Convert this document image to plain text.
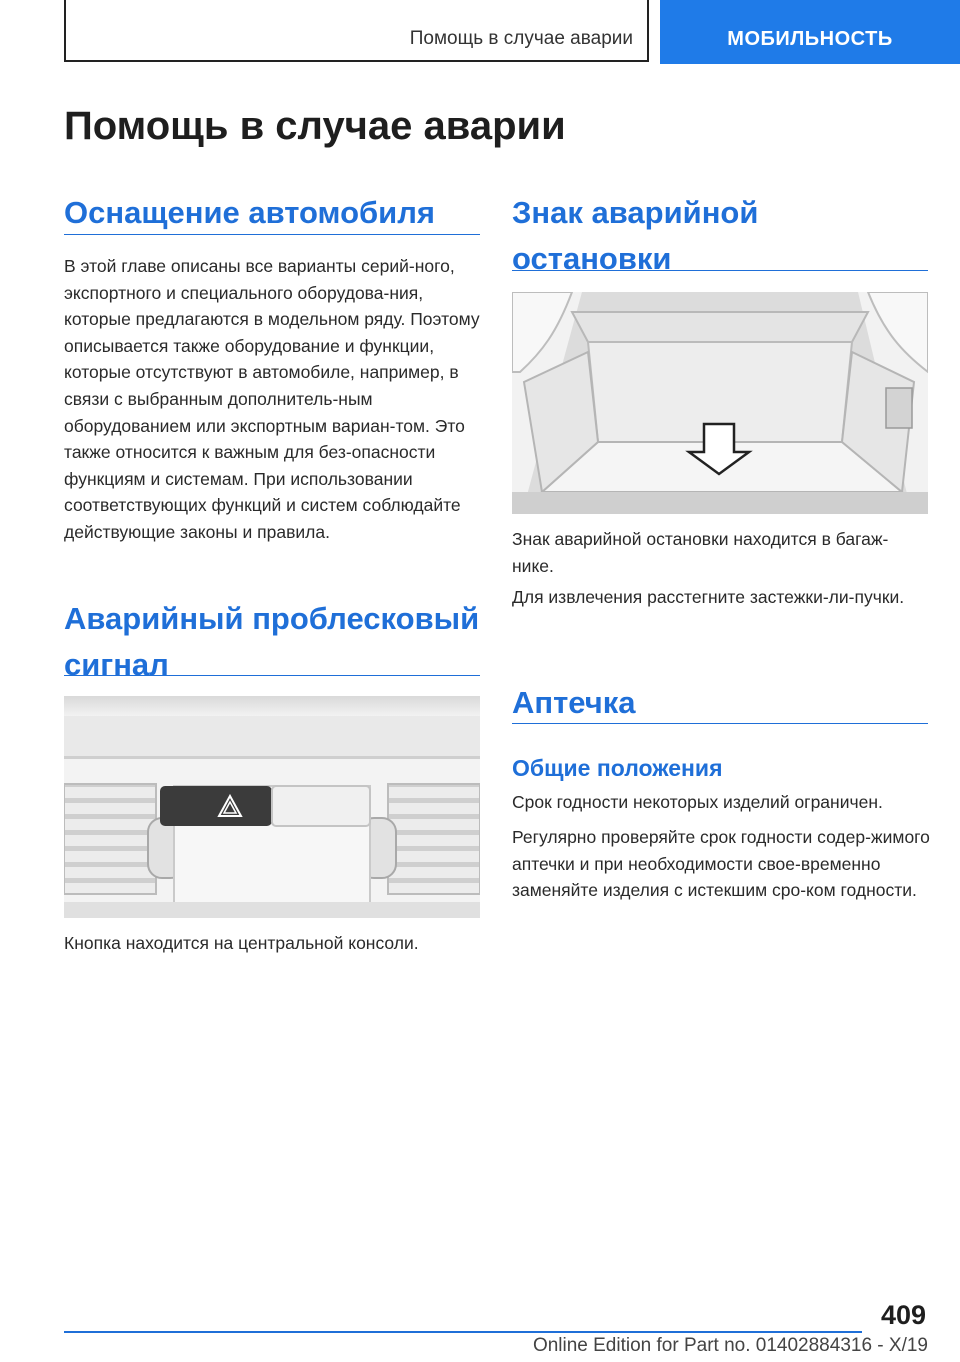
Помощь в случае аварии	МОБИЛЬНОСТЬ
Помощь в случае аварии
Оснащение автомобиля

В этой главе описаны все варианты серий-ного, экспортного и специального оборудова-ния, которые предлагаются в модельном ряду. Поэтому описывается также оборудование и функции, которые отсутствуют в автомобиле, например, в связи с выбранным дополнитель-ным оборудованием или экспортным вариан-том. Это также относится к важным для без-опасности функциям и системам. При использовании соответствующих функций и систем соблюдайте действующие законы и правила.

Аварийный проблесковый
сигнал

Кнопка находится на центральной консоли.

Знак аварийной
остановки

Знак аварийной остановки находится в багаж-нике.

Для извлечения расстегните застежки-ли-пучки.

Аптечка
Общие положения

Срок годности некоторых изделий ограничен.

Регулярно проверяйте срок годности содер-жимого аптечки и при необходимости свое-временно заменяйте изделия с истекшим сро-ком годности.

409
Online Edition for Part no. 01402884316 - X/19
